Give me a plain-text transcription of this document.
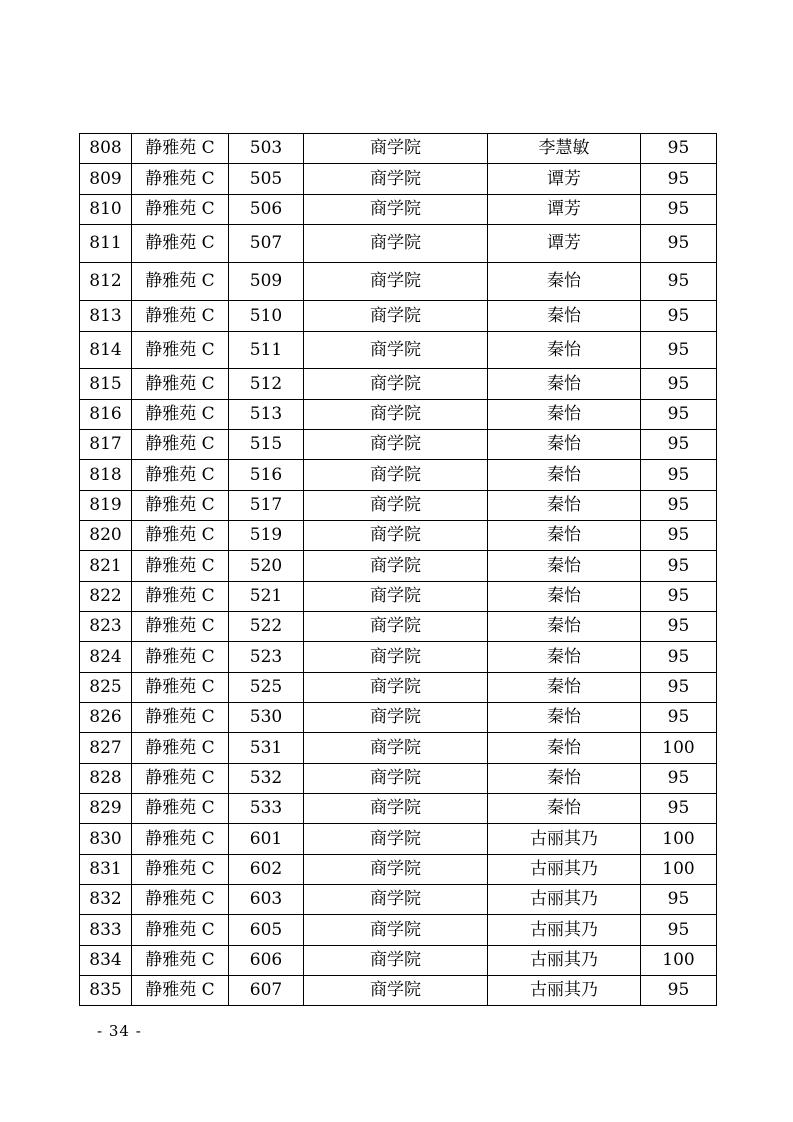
808	静雅苑 C	503	商学院	李慧敏	95
809	静雅苑 C	505	商学院	谭芳	95
810	静雅苑 C	506	商学院	谭芳	95
811	静雅苑 C	507	商学院	谭芳	95
812	静雅苑 C	509	商学院	秦怡	95
813	静雅苑 C	510	商学院	秦怡	95
814	静雅苑 C	511	商学院	秦怡	95
815	静雅苑 C	512	商学院	秦怡	95
816	静雅苑 C	513	商学院	秦怡	95
817	静雅苑 C	515	商学院	秦怡	95
818	静雅苑 C	516	商学院	秦怡	95
819	静雅苑 C	517	商学院	秦怡	95
820	静雅苑 C	519	商学院	秦怡	95
821	静雅苑 C	520	商学院	秦怡	95
822	静雅苑 C	521	商学院	秦怡	95
823	静雅苑 C	522	商学院	秦怡	95
824	静雅苑 C	523	商学院	秦怡	95
825	静雅苑 C	525	商学院	秦怡	95
826	静雅苑 C	530	商学院	秦怡	95
827	静雅苑 C	531	商学院	秦怡	100
828	静雅苑 C	532	商学院	秦怡	95
829	静雅苑 C	533	商学院	秦怡	95
830	静雅苑 C	601	商学院	古丽其乃	100
831	静雅苑 C	602	商学院	古丽其乃	100
832	静雅苑 C	603	商学院	古丽其乃	95
833	静雅苑 C	605	商学院	古丽其乃	95
834	静雅苑 C	606	商学院	古丽其乃	100
835	静雅苑 C	607	商学院	古丽其乃	95
- 34 -
